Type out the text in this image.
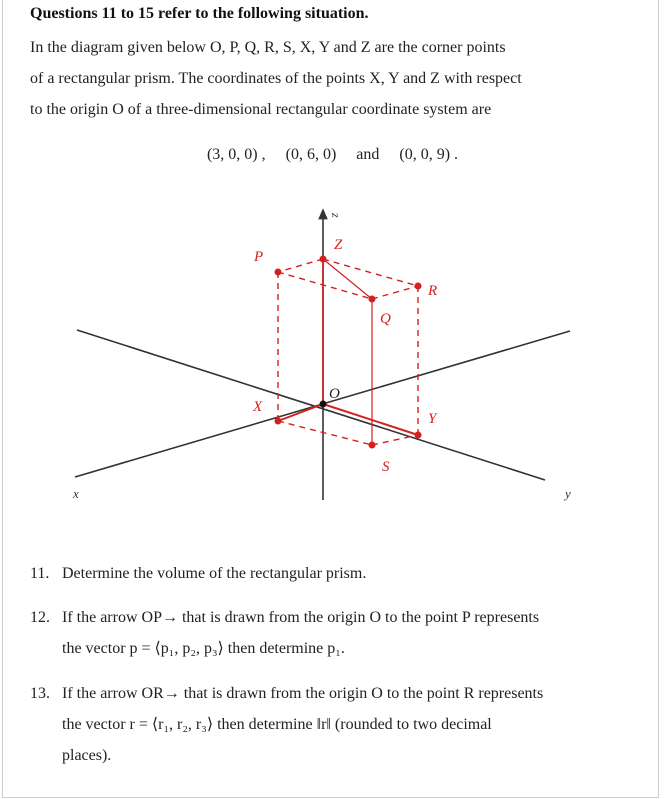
Questions 11 to 15 refer to the following situation.
In the diagram given below O, P, Q, R, S, X, Y and Z are the corner points
of a rectangular prism. The coordinates of the points X, Y and Z with respect
to the origin O of a three-dimensional rectangular coordinate system are
(3, 0, 0) , (0, 6, 0) and (0, 0, 9) .
z
x	y
O
Z
P
R
Q
X
Y
S
11. Determine the volume of the rectangular prism.
12. If the arrow OP→ that is drawn from the origin O to the point P represents
the vector p = ⟨p₁, p₂, p₃⟩ then determine p₁.
13. If the arrow OR→ that is drawn from the origin O to the point R represents
the vector r = ⟨r₁, r₂, r₃⟩ then determine ‖r‖ (rounded to two decimal
places).
